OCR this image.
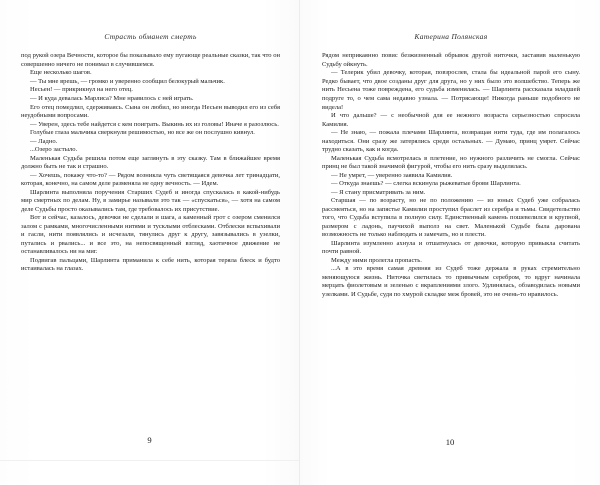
Страсть обманет смерть

под рукой озера Вечности, которое бы показывало ему пугающе реальные сказки, так что он совершенно ничего не понимал в случившемся.

Еще несколько шагов.

— Ты мне врешь, — громко и уверенно сообщил белокурый мальчик.

Несьен! — прикрикнул на него отец.

— И куда девалась Марлиса? Мне нравилось с ней играть.

Его отец помедлил, сдерживаясь. Сына он любил, но иногда Несьен выводил его из себя неудобными вопросами.

— Уверен, здесь тебе найдется с кем поиграть. Выкинь их из головы! Иначе я разозлюсь.

Голубые глаза мальчика сверкнули решимостью, но все же он послушно кивнул.

— Ладно.

...Озеро застыло.

Маленькая Судьба решила потом еще заглянуть в эту сказку. Там в ближайшее время должно быть не так и страшно.

— Хочешь, покажу что-то? — Рядом возникла чуть светящаяся девочка лет тринадцати, которая, конечно, на самом деле разменяла не одну вечность. — Идем.

Шарлинта выполняла поручения Старших Судеб и иногда спускалась в какой-нибудь мир смертных по делам. Ну, в замирье называли это так — «спускаться», — хотя на самом деле Судьбы просто оказывались там, где требовалось их присутствие.

Вот и сейчас, казалось, девочки не сделали и шага, а каменный грот с озером сменился залом с рамками, многочисленными нитями и тусклыми отблесками. Отблески вспыхивали и гасли, нити появлялись и исчезали, тянулись друг к другу, завязывались в узелки, путались и рвались... и все это, на непосвященный взгляд, хаотичное движение не останавливалось ни на миг.

Подвигав пальцами, Шарлинта приманила к себе нить, которая теряла блеск и будто истаивалась на глазах.

9
Катерина Полянская

Рядом неприкаянно повис безжизненный обрывок другой ниточки, заставив маленькую Судьбу ойкнуть.

— Телерик убил девочку, которая, повзрослев, стала бы идеальной парой его сыну. Редко бывает, что двое созданы друг для друга, но у них было это волшебство. Теперь же нить Несьена тоже повреждена, его судьба изменилась. — Шарлинта рассказала младшей подруге то, о чем сама недавно узнала. — Потрясающе! Никогда раньше подобного не видела!

И что дальше? — с необычной для ее нежного возраста серьезностью спросила Камилия.

— Не знаю, — пожала плечами Шарлинта, возвращая нити туда, где им полагалось находиться. Они сразу же затерялись среди остальных. — Думаю, принц умрет. Сейчас трудно сказать, как и когда.

Маленькая Судьба всмотрелась в плетение, но нужного различить не смогла. Сейчас принц не был такой значимой фигурой, чтобы его нить сразу выделялась.

— Не умрет, — уверенно заявила Камилия.

— Откуда знаешь? — слегка вскинула рыжеватые брови Шарлинта.

— Я стану присматривать за ним.

Старшая — по возрасту, но не по положению — из юных Судеб уже собралась рассмеяться, но на запястье Камилии проступил браслет из серебра и тьмы. Свидетельство того, что Судьба вступила в полную силу. Единственный камень пошевелился и крупной, размером с ладонь, паучихой выполз на свет. Маленькой Судьбе была дарована возможность не только наблюдать и замечать, но и плести.

Шарлинта изумленно ахнула и отшатнулась от девочки, которую привыкла считать почти равной.

Между ними пролегла пропасть.

...А в это время самая древняя из Судеб тоже держала в руках стремительно меняющуюся жизнь. Ниточка светилась то привычным серебром, то вдруг начинала мерцать фиолетовым и зеленью с вкраплениями злого. Удлинялась, обзаводилась новыми узелками. И Судьбе, судя по хмурой складке меж бровей, это не очень-то нравилось.

10
